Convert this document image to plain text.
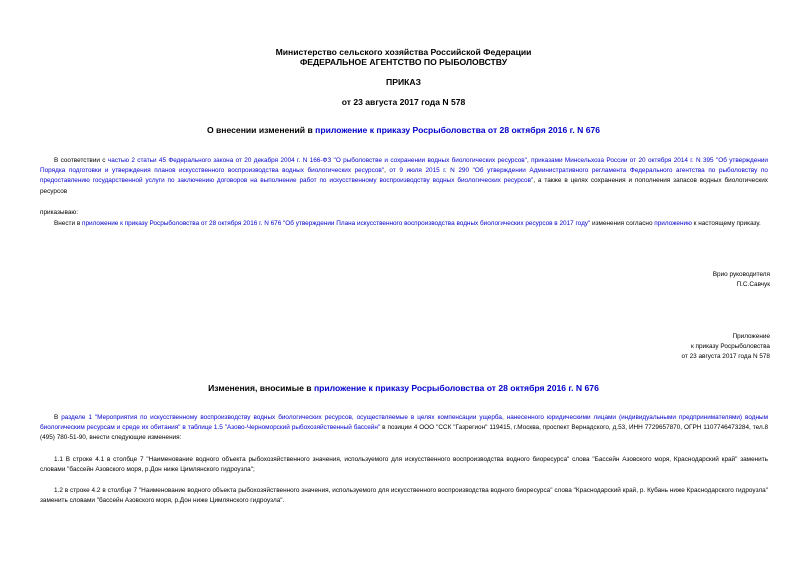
Министерство сельского хозяйства Российской Федерации
ФЕДЕРАЛЬНОЕ АГЕНТСТВО ПО РЫБОЛОВСТВУ
ПРИКАЗ
от 23 августа 2017 года N 578
О внесении изменений в приложение к приказу Росрыболовства от 28 октября 2016 г. N 676
В соответствии с частью 2 статьи 45 Федерального закона от 20 декабря 2004 г. N 166-ФЗ "О рыболовстве и сохранении водных биологических ресурсов", приказами Минсельхоза России от 20 октября 2014 г. N 395 "Об утверждении Порядка подготовки и утверждения планов искусственного воспроизводства водных биологических ресурсов", от 9 июля 2015 г. N 290 "Об утверждении Административного регламента Федерального агентства по рыболовству по предоставлению государственной услуги по заключению договоров на выполнение работ по искусственному воспроизводству водных биологических ресурсов", а также в целях сохранения и пополнения запасов водных биологических ресурсов
приказываю:
Внести в приложение к приказу Росрыболовства от 28 октября 2016 г. N 676 "Об утверждении Плана искусственного воспроизводства водных биологических ресурсов в 2017 году" изменения согласно приложению к настоящему приказу.
Врио руководителя
П.С.Савчук
Приложение
к приказу Росрыболовства
от 23 августа 2017 года N 578
Изменения, вносимые в приложение к приказу Росрыболовства от 28 октября 2016 г. N 676
В разделе 1 "Мероприятия по искусственному воспроизводству водных биологических ресурсов, осуществляемые в целях компенсации ущерба, нанесенного юридическими лицами (индивидуальными предпринимателями) водным биологическим ресурсам и среде их обитания" в таблице 1.5 "Азово-Черноморский рыбохозяйственный бассейн" в позиции 4 ООО "ССК "Газрегион" 119415, г.Москва, проспект Вернадского, д.53, ИНН 7729657870, ОГРН 1107746473284, тел.8 (495) 780-51-90, внести следующие изменения:
1.1 В строке 4.1 в столбце 7 "Наименование водного объекта рыбохозяйственного значения, используемого для искусственного воспроизводства водного биоресурса" слова "Бассейн Азовского моря, Краснодарский край" заменить словами "бассейн Азовского моря, р.Дон ниже Цимлянского гидроузла";
1.2 в строке 4.2 в столбце 7 "Наименование водного объекта рыбохозяйственного значения, используемого для искусственного воспроизводства водного биоресурса" слова "Краснодарский край, р. Кубань ниже Краснодарского гидроузла" заменить словами "бассейн Азовского моря, р.Дон ниже Цимлянского гидроузла".
